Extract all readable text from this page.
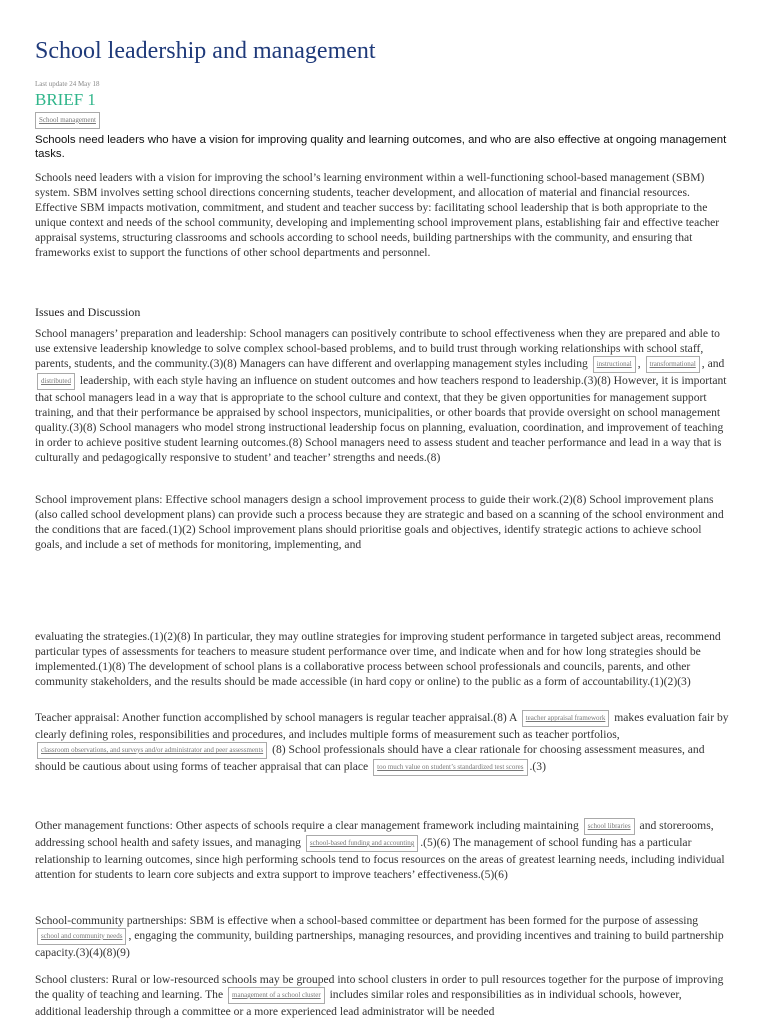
School leadership and management
Last update 24 May 18
BRIEF 1
School management
Schools need leaders who have a vision for improving quality and learning outcomes, and who are also effective at ongoing management tasks.

Schools need leaders with a vision for improving the school’s learning environment within a well-functioning school-based management (SBM) system. SBM involves setting school directions concerning students, teacher development, and allocation of material and financial resources. Effective SBM impacts motivation, commitment, and student and teacher success by: facilitating school leadership that is both appropriate to the unique context and needs of the school community, developing and implementing school improvement plans, establishing fair and effective teacher appraisal systems, structuring classrooms and schools according to school needs, building partnerships with the community, and ensuring that frameworks exist to support the functions of other school departments and personnel.

Issues and Discussion

School managers’ preparation and leadership: School managers can positively contribute to school effectiveness when they are prepared and able to use extensive leadership knowledge to solve complex school-based problems, and to build trust through working relationships with school staff, parents, students, and the community.(3)(8) Managers can have different and overlapping management styles including instructional , transformational , and distributed leadership, with each style having an influence on student outcomes and how teachers respond to leadership.(3)(8) However, it is important that school managers lead in a way that is appropriate to the school culture and context, that they be given opportunities for management support training, and that their performance be appraised by school inspectors, municipalities, or other boards that provide oversight on school management quality.(3)(8) School managers who model strong instructional leadership focus on planning, evaluation, coordination, and improvement of teaching in order to achieve positive student learning outcomes.(8) School managers need to assess student and teacher performance and lead in a way that is culturally and pedagogically responsive to student’ and teacher’ strengths and needs.(8)

School improvement plans: Effective school managers design a school improvement process to guide their work.(2)(8) School improvement plans (also called school development plans) can provide such a process because they are strategic and based on a scanning of the school environment and the conditions that are faced.(1)(2) School improvement plans should prioritise goals and objectives, identify strategic actions to achieve school goals, and include a set of methods for monitoring, implementing, and

evaluating the strategies.(1)(2)(8) In particular, they may outline strategies for improving student performance in targeted subject areas, recommend particular types of assessments for teachers to measure student performance over time, and indicate when and for how long strategies should be implemented.(1)(8) The development of school plans is a collaborative process between school professionals and councils, parents, and other community stakeholders, and the results should be made accessible (in hard copy or online) to the public as a form of accountability.(1)(2)(3)

Teacher appraisal: Another function accomplished by school managers is regular teacher appraisal.(8) A teacher appraisal framework makes evaluation fair by clearly defining roles, responsibilities and procedures, and includes multiple forms of measurement such as teacher portfolios, classroom observations, and surveys and/or administrator and peer assessments (8) School professionals should have a clear rationale for choosing assessment measures, and should be cautious about using forms of teacher appraisal that can place too much value on student’s standardized test scores .(3)

Other management functions: Other aspects of schools require a clear management framework including maintaining school libraries and storerooms, addressing school health and safety issues, and managing school-based funding and accounting .(5)(6) The management of school funding has a particular relationship to learning outcomes, since high performing schools tend to focus resources on the areas of greatest learning needs, including individual attention for students to learn core subjects and extra support to improve teachers’ effectiveness.(5)(6)

School-community partnerships: SBM is effective when a school-based committee or department has been formed for the purpose of assessing school and community needs , engaging the community, building partnerships, managing resources, and providing incentives and training to build partnership capacity.(3)(4)(8)(9)

School clusters: Rural or low-resourced schools may be grouped into school clusters in order to pull resources together for the purpose of improving the quality of teaching and learning. The management of a school cluster includes similar roles and responsibilities as in individual schools, however, additional leadership through a committee or a more experienced lead administrator will be needed
